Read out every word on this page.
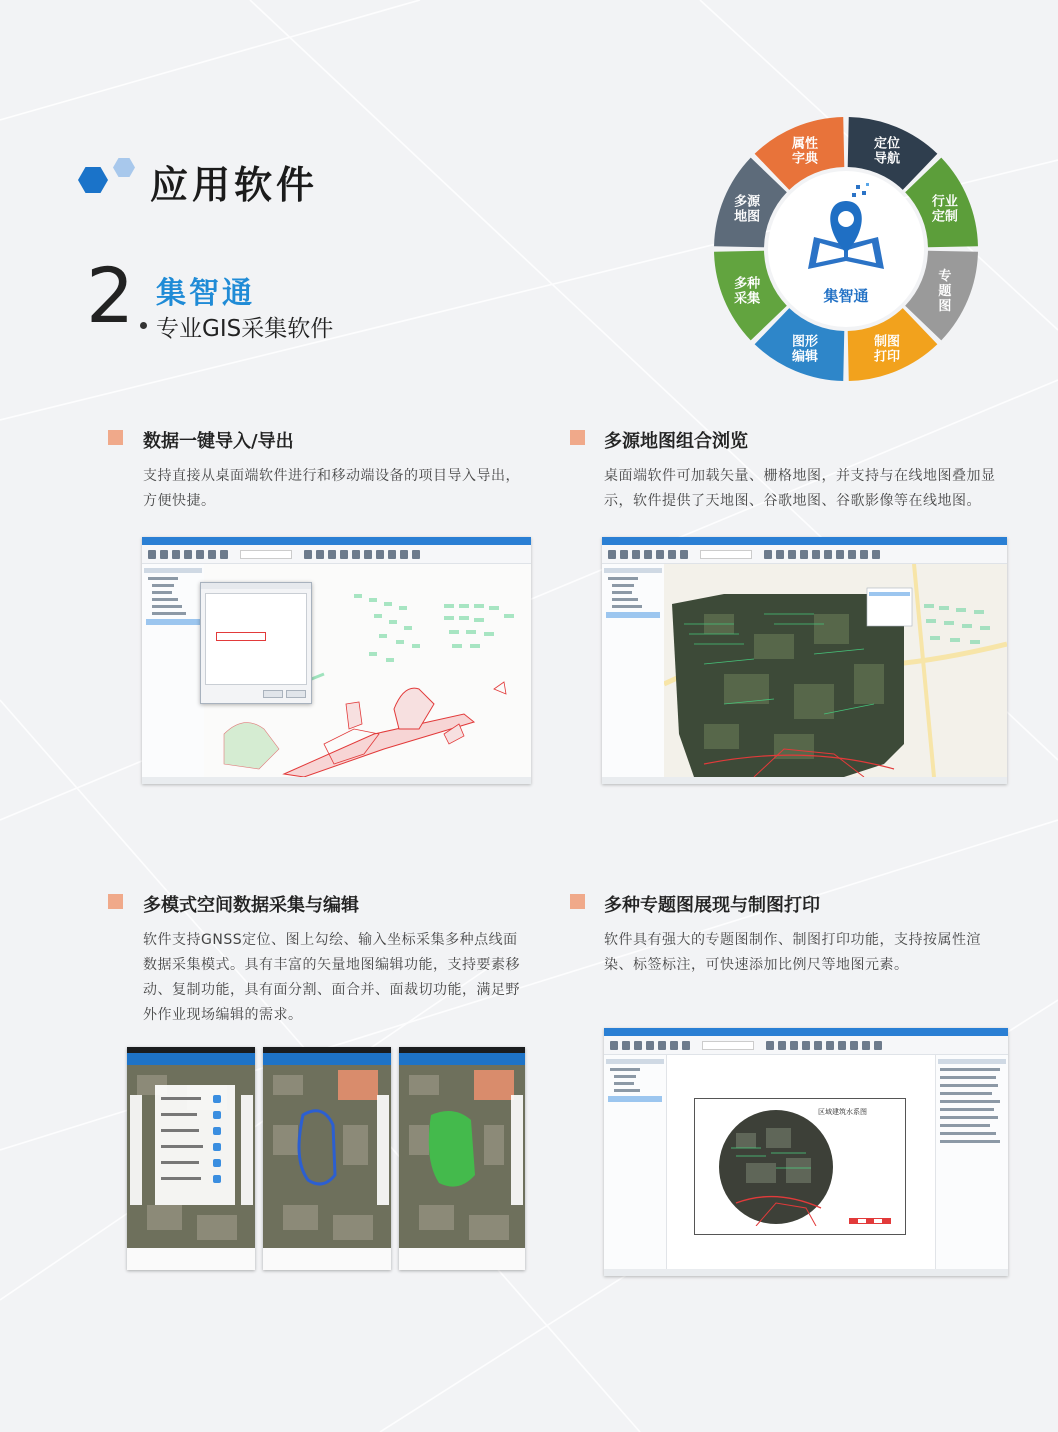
应用软件
2 集智通
专业GIS采集软件
属性
字典
定位
导航
行业
定制
专
题
图
制图
打印
图形
编辑
多种
采集
多源
地图
集智通
数据一键导入/导出
支持直接从桌面端软件进行和移动端设备的项目导入导出，
方便快捷。
多源地图组合浏览
桌面端软件可加载矢量、栅格地图，并支持与在线地图叠加显
示，软件提供了天地图、谷歌地图、谷歌影像等在线地图。
多模式空间数据采集与编辑
软件支持GNSS定位、图上勾绘、输入坐标采集多种点线面
数据采集模式。具有丰富的矢量地图编辑功能，支持要素移
动、复制功能，具有面分割、面合并、面裁切功能，满足野
外作业现场编辑的需求。
多种专题图展现与制图打印
软件具有强大的专题图制作、制图打印功能，支持按属性渲
染、标签标注，可快速添加比例尺等地图元素。
区域建筑水系图
